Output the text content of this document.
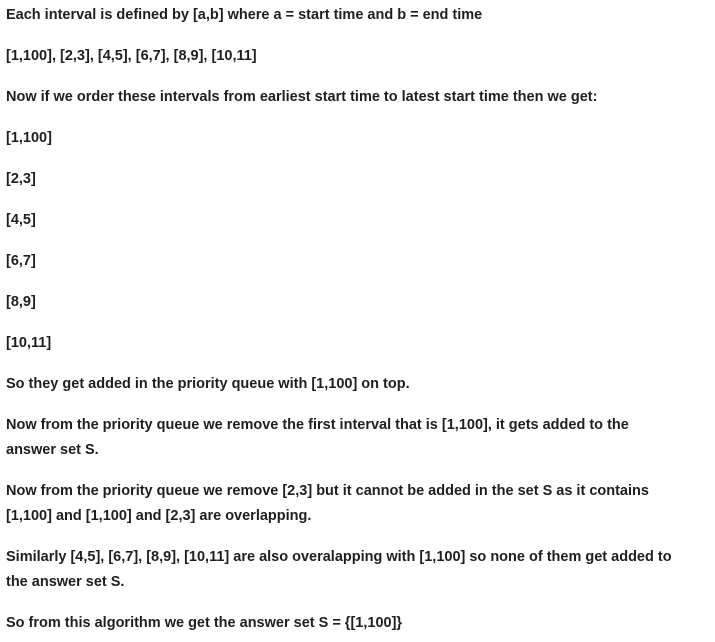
Each interval is defined by [a,b] where a = start time and b = end time
[1,100], [2,3], [4,5], [6,7], [8,9], [10,11]
Now if we order these intervals from earliest start time to latest start time then we get:
[1,100]
[2,3]
[4,5]
[6,7]
[8,9]
[10,11]
So they get added in the priority queue with [1,100] on top.
Now from the priority queue we remove the first interval that is [1,100], it gets added to the
answer set S.
Now from the priority queue we remove [2,3] but it cannot be added in the set S as it contains
[1,100] and [1,100] and [2,3] are overlapping.
Similarly [4,5], [6,7], [8,9], [10,11] are also overalapping with [1,100] so none of them get added to
the answer set S.
So from this algorithm we get the answer set S = {[1,100]}
